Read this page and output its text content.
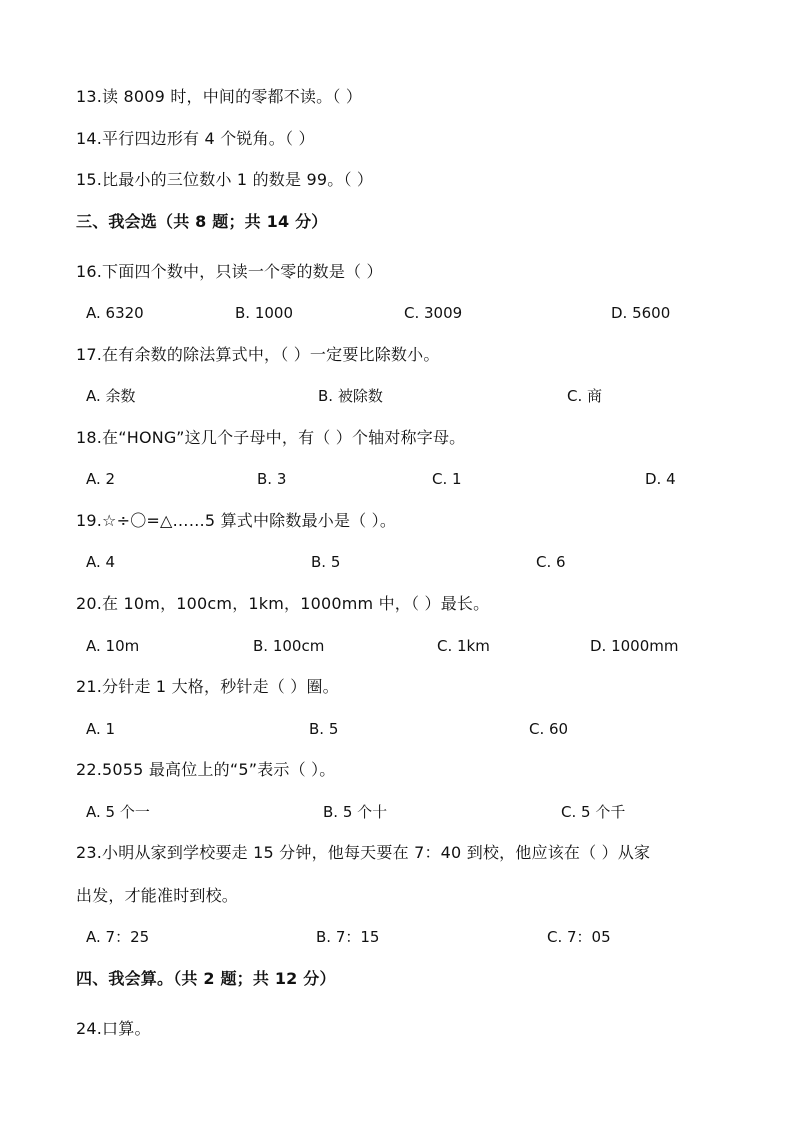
13.读 8009 时，中间的零都不读。（ ）
14.平行四边形有 4 个锐角。（ ）
15.比最小的三位数小 1 的数是 99。（ ）
三、我会选（共 8 题；共 14 分）
16.下面四个数中，只读一个零的数是（ ）
A. 6320	B. 1000	C. 3009	D. 5600
17.在有余数的除法算式中，（ ）一定要比除数小。
A. 余数	B. 被除数	C. 商
18.在“HONG”这几个子母中，有（ ）个轴对称字母。
A. 2	B. 3	C. 1	D. 4
19.☆÷〇=△……5 算式中除数最小是（ ）。
A. 4	B. 5	C. 6
20.在 10m，100cm，1km，1000mm 中，（ ）最长。
A. 10m	B. 100cm	C. 1km	D. 1000mm
21.分针走 1 大格，秒针走（ ）圈。
A. 1	B. 5	C. 60
22.5055 最高位上的“5”表示（ ）。
A. 5 个一	B. 5 个十	C. 5 个千
23.小明从家到学校要走 15 分钟，他每天要在 7：40 到校，他应该在（ ）从家
出发，才能准时到校。
A. 7：25	B. 7：15	C. 7：05
四、我会算。（共 2 题；共 12 分）
24.口算。
